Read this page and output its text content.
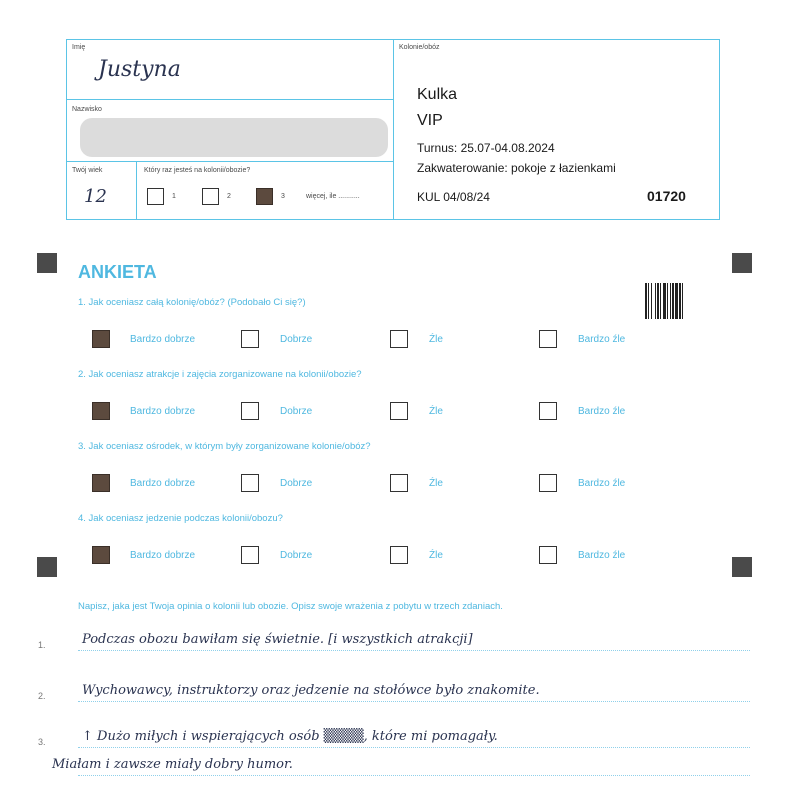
Imię
Justyna
Nazwisko
Twój wiek
12
Który raz jesteś na kolonii/obozie?
1	2	3	więcej, ile ...........
Kolonie/obóz
Kulka
VIP
Turnus: 25.07-04.08.2024
Zakwaterowanie: pokoje z łazienkami
KUL 04/08/24	01720
ANKIETA
1. Jak oceniasz całą kolonię/obóz? (Podobało Ci się?)
Bardzo dobrze	Dobrze	Źle	Bardzo źle
2. Jak oceniasz atrakcje i zajęcia zorganizowane na kolonii/obozie?
Bardzo dobrze	Dobrze	Źle	Bardzo źle
3. Jak oceniasz ośrodek, w którym były zorganizowane kolonie/obóz?
Bardzo dobrze	Dobrze	Źle	Bardzo źle
4. Jak oceniasz jedzenie podczas kolonii/obozu?
Bardzo dobrze	Dobrze	Źle	Bardzo źle
Napisz, jaka jest Twoja opinia o kolonii lub obozie. Opisz swoje wrażenia z pobytu w trzech zdaniach.
1.	Podczas obozu bawiłam się świetnie. [i wszystkich atrakcji]
2.	Wychowawcy, instruktorzy oraz jedzenie na stołówce było znakomite.
3.	↑ Dużo miłych i wspierających osób ▒▒▒▒, które mi pomagały.
Miałam i zawsze miały dobry humor.
